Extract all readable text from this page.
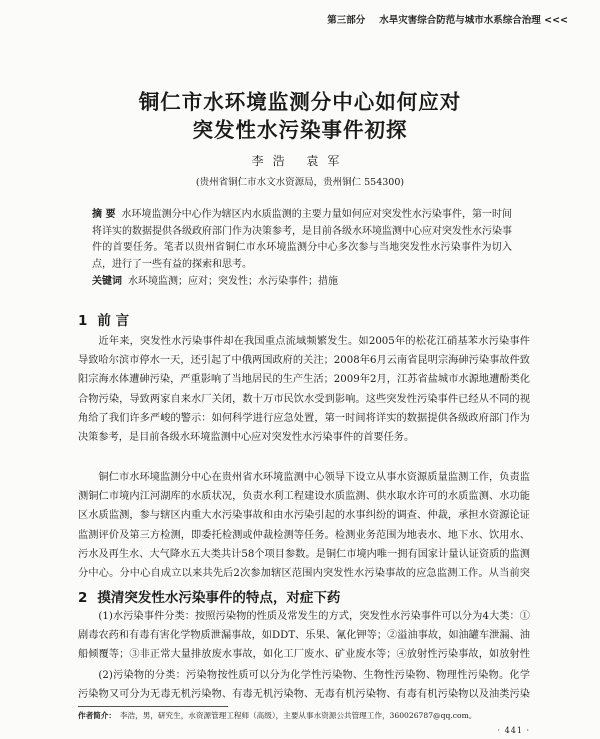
第三部分 水旱灾害综合防范与城市水系综合治理 <<<
铜仁市水环境监测分中心如何应对
突发性水污染事件初探
李浩 袁军
(贵州省铜仁市水文水资源局，贵州铜仁 554300)
摘 要 水环境监测分中心作为辖区内水质监测的主要力量如何应对突发性水污染事件，第一时间将详实的数据提供各级政府部门作为决策参考，是目前各级水环境监测中心应对突发性水污染事件的首要任务。笔者以贵州省铜仁市水环境监测分中心多次参与当地突发性水污染事件为切入点，进行了一些有益的探索和思考。
关键词 水环境监测；应对；突发性；水污染事件；措施
1 前 言

近年来，突发性水污染事件却在我国重点流域频繁发生。如2005年的松花江硝基苯水污染事件导致哈尔滨市停水一天，还引起了中俄两国政府的关注；2008年6月云南省昆明宗海砷污染事故件致阳宗海水体遭砷污染，严重影响了当地居民的生产生活；2009年2月，江苏省盐城市水源地遭酚类化合物污染，导致两家自来水厂关闭，数十万市民饮水受到影响。这些突发性污染事件已经从不同的视角给了我们许多严峻的警示：如何科学进行应急处置，第一时间将详实的数据提供各级政府部门作为决策参考，是目前各级水环境监测中心应对突发性水污染事件的首要任务。

铜仁市水环境监测分中心在贵州省水环境监测中心领导下设立从事水资源质量监测工作，负责监测铜仁市境内江河湖库的水质状况，负责水利工程建设水质监测、供水取水许可的水质监测、水功能区水质监测，参与辖区内重大水污染事故和由水污染引起的水事纠纷的调查、仲裁，承担水资源论证监测评价及第三方检测，即委托检测或仲裁检测等任务。检测业务范围为地表水、地下水、饮用水、污水及再生水、大气降水五大类共计58个项目参数。是铜仁市境内唯一拥有国家计量认证资质的监测分中心。分中心自成立以来共先后2次参加辖区范围内突发性水污染事故的应急监测工作。从当前突

2 摸清突发性水污染事件的特点，对症下药

(1)水污染事件分类：按照污染物的性质及常发生的方式，突发性水污染事件可以分为4大类：①剧毒农药和有毒有害化学物质泄漏事故，如DDT、乐果、氰化钾等；②溢油事故，如油罐车泄漏、油船倾覆等；③非正常大量排放废水事故，如化工厂废水、矿业废水等；④放射性污染事故，如放射性

(2)污染物的分类：污染物按性质可以分为化学性污染物、生物性污染物、物理性污染物。化学污染物又可分为无毒无机污染物、有毒无机污染物、无毒有机污染物、有毒有机污染物以及油类污染

作者简介： 李浩，男，研究生，水资源管理工程师（高级），主要从事水资源公共管理工作，360026787@qq.com。
· 441 ·
